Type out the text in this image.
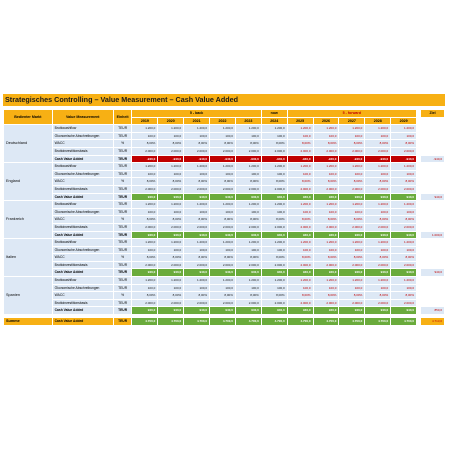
Strategisches Controlling – Value Measurement – Cash Value Added
Bedienter Markt	Value Measurement	Einheit	5 - back					now	5 - forward						Ziel
			2019	2020	2021	2022	2023	2024	2025	2026	2027	2028	2029		
Deutschland	Bruttocashflow	TEUR	1.200,0	1.200,0	1.200,0	1.200,0	1.200,0	1.200,0	1.200,0	1.200,0	1.200,0	1.200,0	1.200,0		
	Ökonomische Abschreibungen	TEUR	100,0	100,0	100,0	100,0	100,0	100,0	100,0	100,0	100,0	100,0	100,0		
	WACC	%	8,00%	8,00%	8,00%	8,00%	8,00%	8,00%	8,00%	8,00%	8,00%	8,00%	8,00%		
	Bruttoinvestitionsbasis	TEUR	2.000,0	2.000,0	2.000,0	2.000,0	2.000,0	2.000,0	2.000,0	2.000,0	2.000,0	2.000,0	2.000,0		
	Cash Value Added	TEUR	-940,0	-940,0	-940,0	-940,0	-940,0	-940,0	-940,0	-940,0	-940,0	-940,0	-940,0		-940,0
England	Bruttocashflow	TEUR	1.200,0	1.200,0	1.200,0	1.200,0	1.200,0	1.200,0	1.200,0	1.200,0	1.200,0	1.200,0	1.200,0		
	Ökonomische Abschreibungen	TEUR	100,0	100,0	100,0	100,0	100,0	100,0	100,0	100,0	100,0	100,0	100,0		
	WACC	%	8,00%	8,00%	8,00%	8,00%	8,00%	8,00%	8,00%	8,00%	8,00%	8,00%	8,00%		
	Bruttoinvestitionsbasis	TEUR	2.000,0	2.000,0	2.000,0	2.000,0	2.000,0	2.000,0	2.000,0	2.000,0	2.000,0	2.000,0	2.000,0		
	Cash Value Added	TEUR	940,0	940,0	940,0	940,0	940,0	940,0	940,0	940,0	940,0	940,0	940,0		940,0
Frankreich	Bruttocashflow	TEUR	1.200,0	1.200,0	1.200,0	1.200,0	1.200,0	1.200,0	1.200,0	1.200,0	1.200,0	1.200,0	1.200,0		
	Ökonomische Abschreibungen	TEUR	100,0	100,0	100,0	100,0	100,0	100,0	100,0	100,0	100,0	100,0	100,0		
	WACC	%	8,00%	8,00%	8,00%	8,00%	8,00%	8,00%	8,00%	8,00%	8,00%	8,00%	8,00%		
	Bruttoinvestitionsbasis	TEUR	2.000,0	2.000,0	2.000,0	2.000,0	2.000,0	2.000,0	2.000,0	2.000,0	2.000,0	2.000,0	2.000,0		
	Cash Value Added	TEUR	940,0	940,0	940,0	940,0	940,0	940,0	940,0	940,0	940,0	940,0	940,0		1.000,0
Italien	Bruttocashflow	TEUR	1.200,0	1.200,0	1.200,0	1.200,0	1.200,0	1.200,0	1.200,0	1.200,0	1.200,0	1.200,0	1.200,0		
	Ökonomische Abschreibungen	TEUR	100,0	100,0	100,0	100,0	100,0	100,0	100,0	100,0	100,0	100,0	100,0		
	WACC	%	8,00%	8,00%	8,00%	8,00%	8,00%	8,00%	8,00%	8,00%	8,00%	8,00%	8,00%		
	Bruttoinvestitionsbasis	TEUR	2.000,0	2.000,0	2.000,0	2.000,0	2.000,0	2.000,0	2.000,0	2.000,0	2.000,0	2.000,0	2.000,0		
	Cash Value Added	TEUR	940,0	940,0	940,0	940,0	940,0	940,0	940,0	940,0	940,0	940,0	940,0		940,0
Spanien	Bruttocashflow	TEUR	1.200,0	1.200,0	1.200,0	1.200,0	1.200,0	1.200,0	1.200,0	1.200,0	1.200,0	1.200,0	1.200,0		
	Ökonomische Abschreibungen	TEUR	100,0	100,0	100,0	100,0	100,0	100,0	100,0	100,0	100,0	100,0	100,0		
	WACC	%	8,00%	8,00%	8,00%	8,00%	8,00%	8,00%	8,00%	8,00%	8,00%	8,00%	8,00%		
	Bruttoinvestitionsbasis	TEUR	2.000,0	2.000,0	2.000,0	2.000,0	2.000,0	2.000,0	2.000,0	2.000,0	2.000,0	2.000,0	2.000,0		
	Cash Value Added	TEUR	940,0	940,0	940,0	940,0	940,0	940,0	940,0	940,0	940,0	940,0	940,0		850,0

Summe	Cash Value Added	TEUR	4.700,0	4.700,0	4.700,0	4.700,0	4.700,0	4.700,0	4.700,0	4.700,0	4.700,0	4.700,0	4.700,0		4.713,0
